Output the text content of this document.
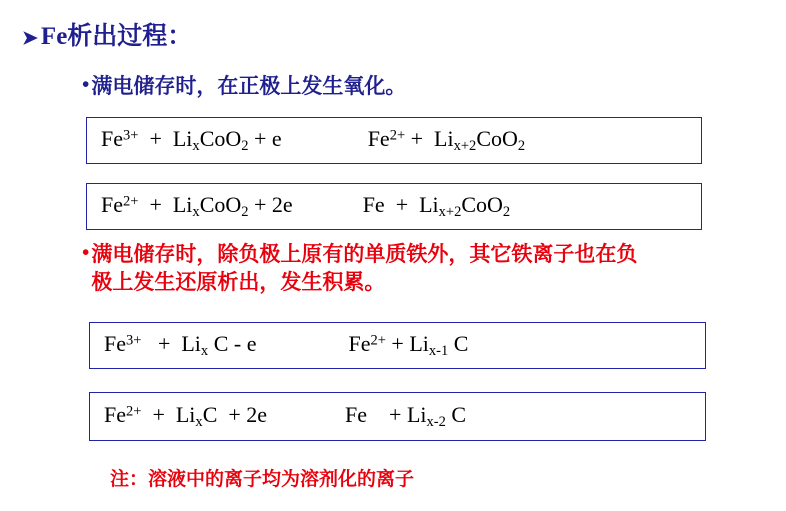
➤ Fe析出过程：
• 满电储存时，在正极上发生氧化。
$Fe^{3+} + Li_xCoO_2 + e$	$Fe^{2+} + Li_{x+2}CoO_2$
$Fe^{2+} + Li_xCoO_2 + 2e$	$Fe + Li_{x+2}CoO_2$
• 满电储存时，除负极上原有的单质铁外，其它铁离子也在负
极上发生还原析出，发生积累。
$Fe^{3+} + Li_x$ C - e	$Fe^{2+} + Li_{x-1}$ C
$Fe^{2+} + Li_xC + 2e$	Fe    + $Li_{x-2}$ C
注：溶液中的离子均为溶剂化的离子
